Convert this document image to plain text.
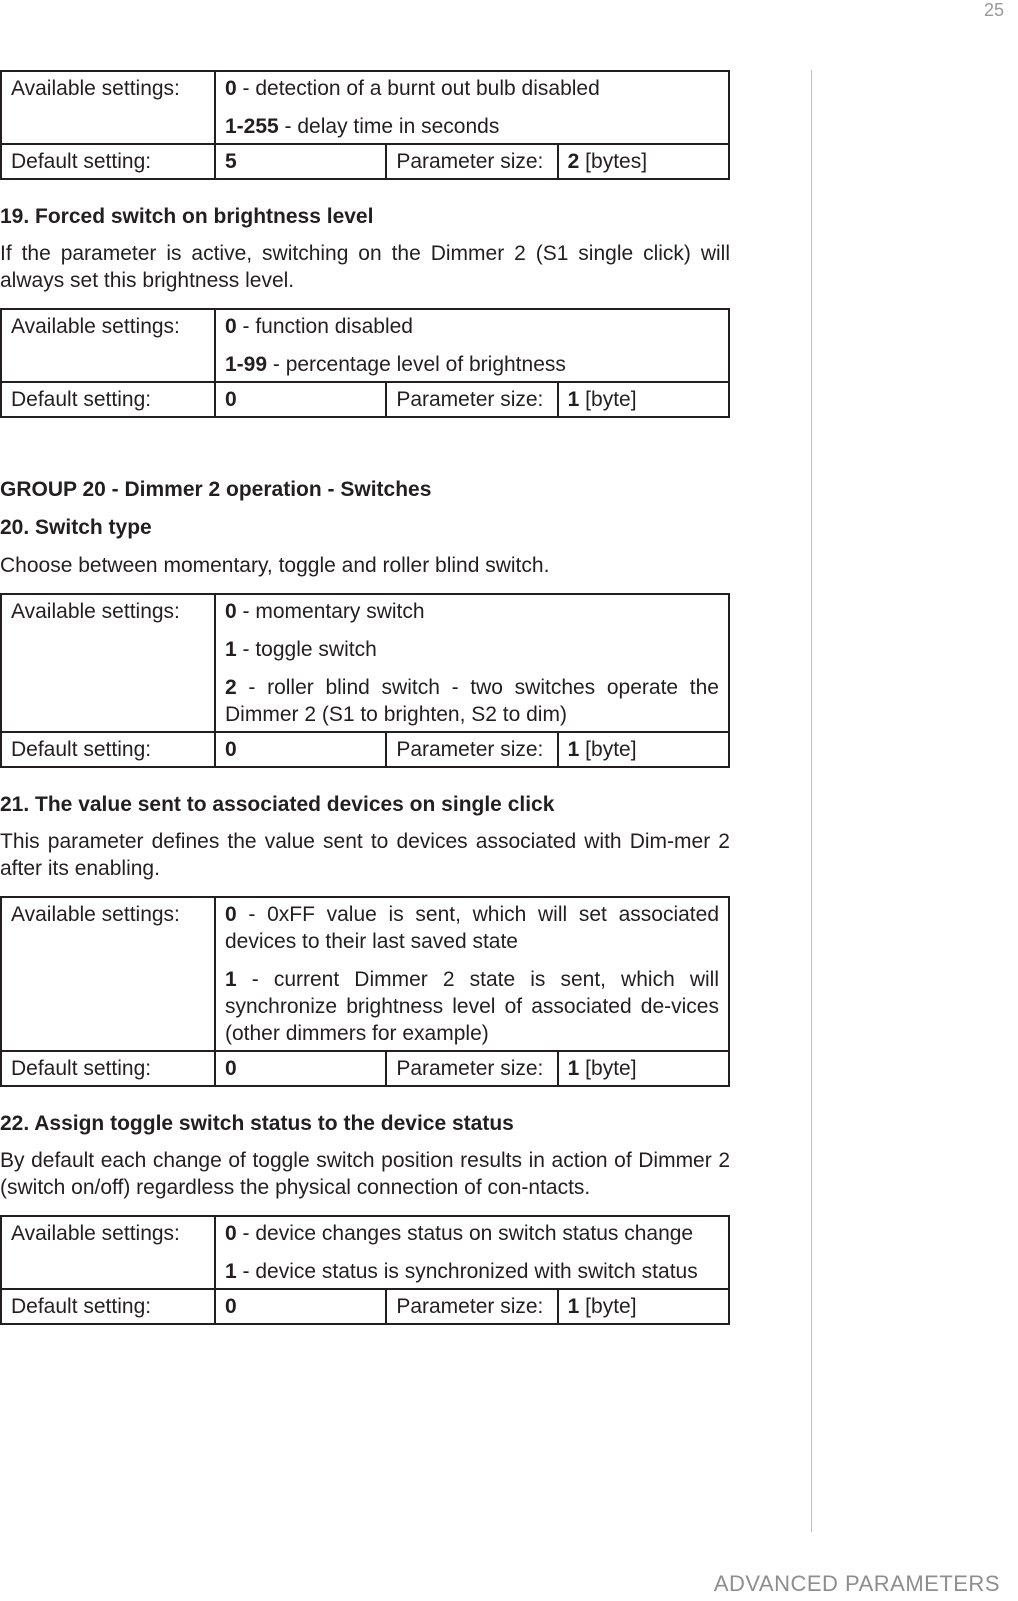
25
Available settings:	0 - detection of a burnt out bulb disabled
1-255 - delay time in seconds		

Default setting:	5	Parameter size:	2 [bytes]
19. Forced switch on brightness level

If the parameter is active, switching on the Dimmer 2 (S1 single click) will always set this brightness level.

Available settings:	0 - function disabled
1-99 - percentage level of brightness		

Default setting:	0	Parameter size:	1 [byte]
GROUP 20 - Dimmer 2 operation - Switches
20. Switch type

Choose between momentary, toggle and roller blind switch.

Available settings:	0 - momentary switch
1 - toggle switch
2 - roller blind switch - two switches operate the Dimmer 2 (S1 to brighten, S2 to dim)		

Default setting:	0	Parameter size:	1 [byte]
21. The value sent to associated devices on single click

This parameter defines the value sent to devices associated with Dim-mer 2 after its enabling.

Available settings:	0 - 0xFF value is sent, which will set associated devices to their last saved state
1 - current Dimmer 2 state is sent, which will synchronize brightness level of associated de-vices (other dimmers for example)		

Default setting:	0	Parameter size:	1 [byte]
22. Assign toggle switch status to the device status

By default each change of toggle switch position results in action of Dimmer 2 (switch on/off) regardless the physical connection of con-ntacts.

Available settings:	0 - device changes status on switch status change
1 - device status is synchronized with switch status		

Default setting:	0	Parameter size:	1 [byte]
ADVANCED PARAMETERS
